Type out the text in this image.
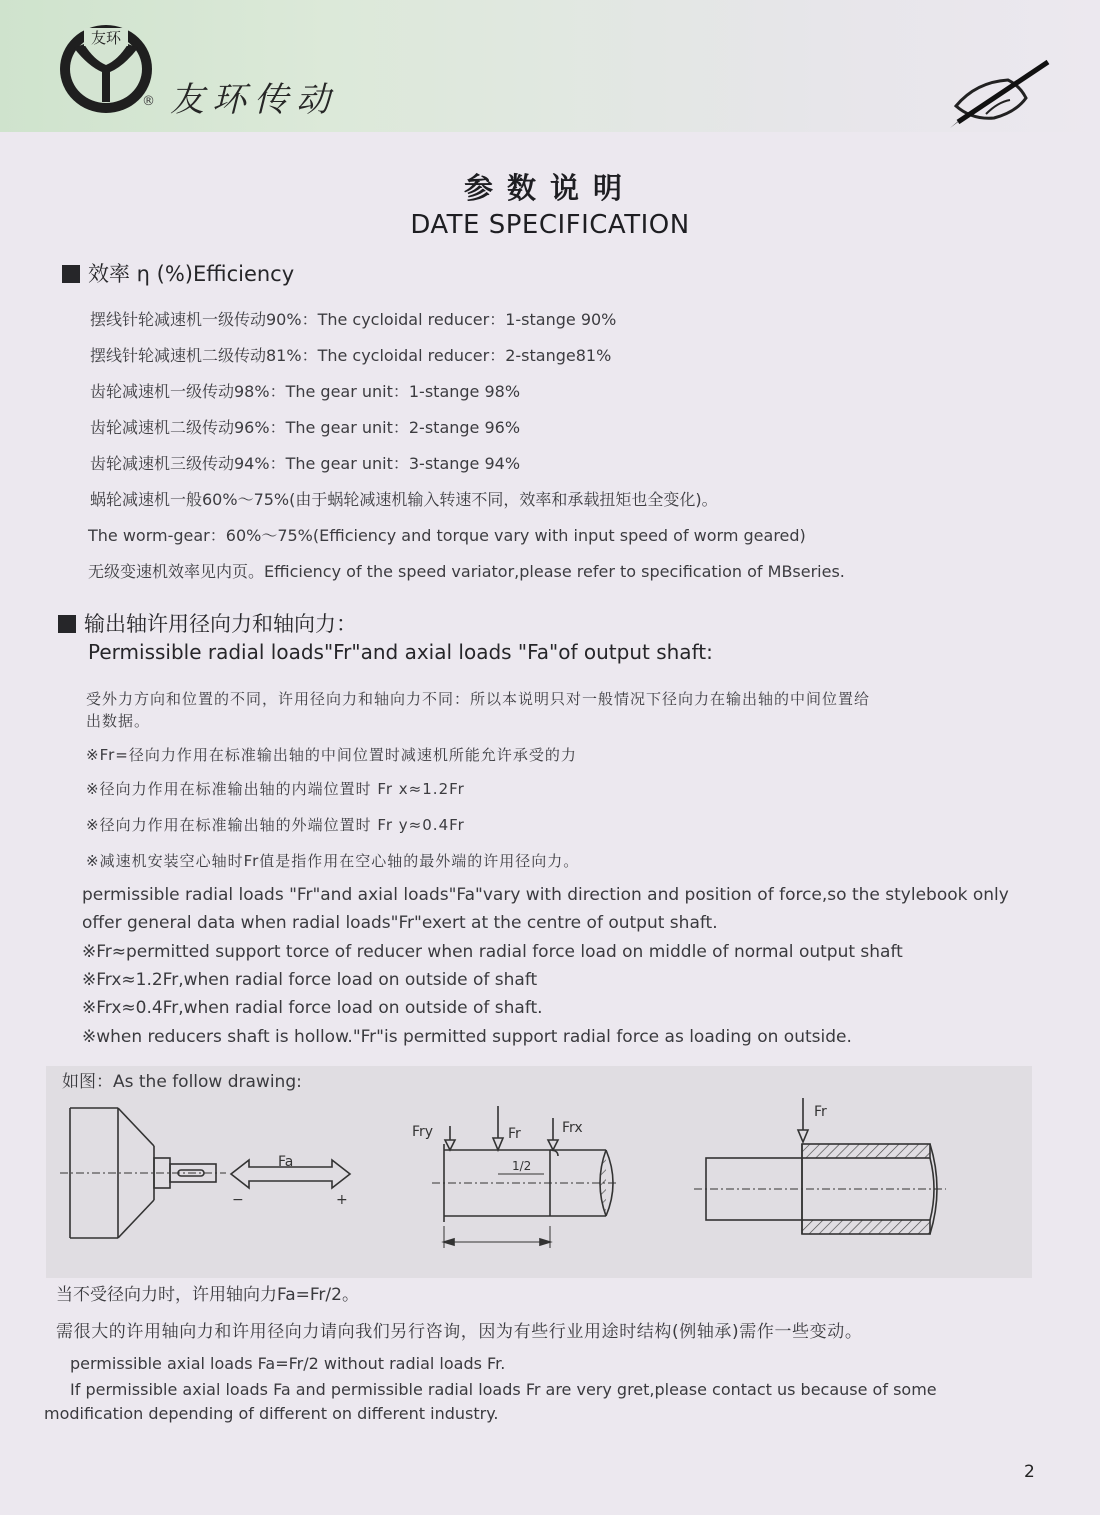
友环
® 友环传动
参数说明
DATE SPECIFICATION
效率 η (%)Efficiency
摆线针轮减速机一级传动90%：The cycloidal reducer：1-stange 90%
摆线针轮减速机二级传动81%：The cycloidal reducer：2-stange81%
齿轮减速机一级传动98%：The gear unit：1-stange 98%
齿轮减速机二级传动96%：The gear unit：2-stange 96%
齿轮减速机三级传动94%：The gear unit：3-stange 94%
蜗轮减速机一般60%～75%(由于蜗轮减速机输入转速不同，效率和承载扭矩也全变化)。
The worm-gear：60%～75%(Efficiency and torque vary with input speed of worm geared)
无级变速机效率见内页。Efficiency of the speed variator,please refer to specification of MBseries.
输出轴许用径向力和轴向力：
Permissible radial loads"Fr"and axial loads "Fa"of output shaft:
受外力方向和位置的不同，许用径向力和轴向力不同：所以本说明只对一般情况下径向力在输出轴的中间位置给
出数据。
※Fr=径向力作用在标准输出轴的中间位置时减速机所能允许承受的力
※径向力作用在标准输出轴的内端位置时 Fr x≈1.2Fr
※径向力作用在标准输出轴的外端位置时 Fr y≈0.4Fr
※减速机安装空心轴时Fr值是指作用在空心轴的最外端的许用径向力。
permissible radial loads "Fr"and axial loads"Fa"vary with direction and position of force,so the stylebook only
offer general data when radial loads"Fr"exert at the centre of output shaft.
※Fr≈permitted support torce of reducer when radial force load on middle of normal output shaft
※Frx≈1.2Fr,when radial force load on outside of shaft
※Frx≈0.4Fr,when radial force load on outside of shaft.
※when reducers shaft is hollow."Fr"is permitted support radial force as loading on outside.
如图：As the follow drawing:
Fa
−	+
Fry	Fr	Frx
1/2
Fr
当不受径向力时，许用轴向力Fa=Fr/2。
需很大的许用轴向力和许用径向力请向我们另行咨询，因为有些行业用途时结构(例轴承)需作一些变动。
permissible axial loads Fa=Fr/2 without radial loads Fr.
If permissible axial loads Fa and permissible radial loads Fr are very gret,please contact us because of some
modification depending of different on different industry.
2
